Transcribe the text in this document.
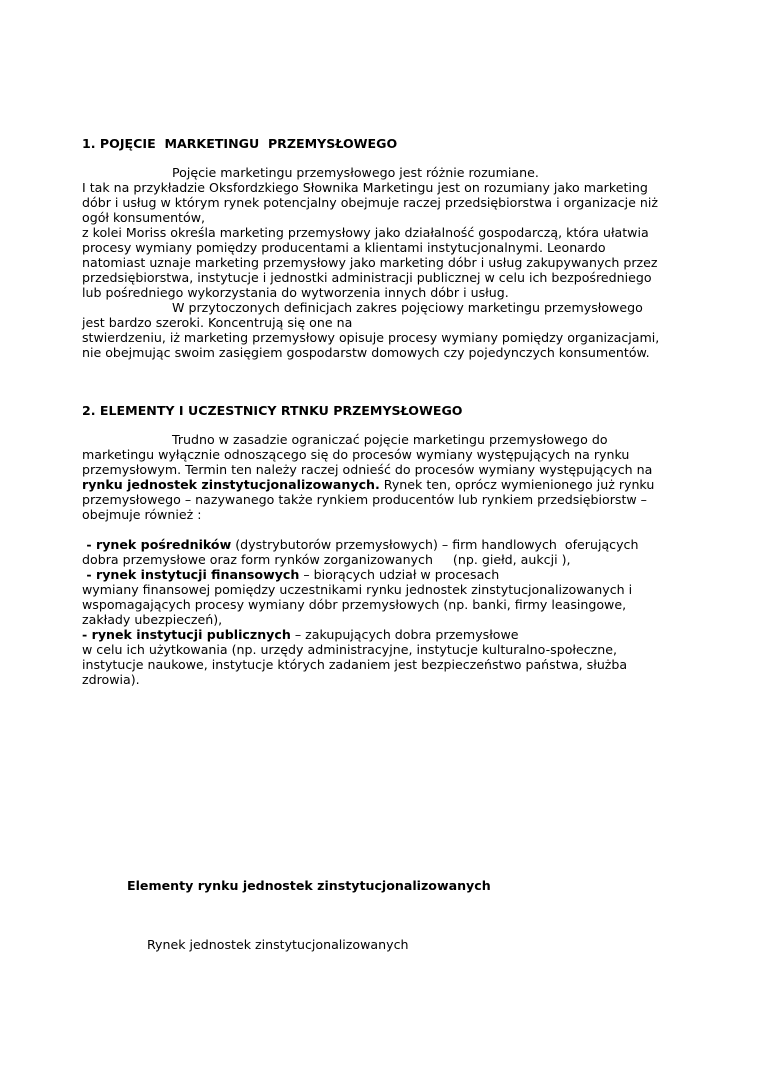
1. POJĘCIE  MARKETINGU  PRZEMYSŁOWEGO
Pojęcie marketingu przemysłowego jest różnie rozumiane.
I tak na przykładzie Oksfordzkiego Słownika Marketingu jest on rozumiany jako marketing
dóbr i usług w którym rynek potencjalny obejmuje raczej przedsiębiorstwa i organizacje niż
ogół konsumentów,
z kolei Moriss określa marketing przemysłowy jako działalność gospodarczą, która ułatwia
procesy wymiany pomiędzy producentami a klientami instytucjonalnymi. Leonardo
natomiast uznaje marketing przemysłowy jako marketing dóbr i usług zakupywanych przez
przedsiębiorstwa, instytucje i jednostki administracji publicznej w celu ich bezpośredniego
lub pośredniego wykorzystania do wytworzenia innych dóbr i usług.
W przytoczonych definicjach zakres pojęciowy marketingu przemysłowego
jest bardzo szeroki. Koncentrują się one na
stwierdzeniu, iż marketing przemysłowy opisuje procesy wymiany pomiędzy organizacjami,
nie obejmując swoim zasięgiem gospodarstw domowych czy pojedynczych konsumentów.
2. ELEMENTY I UCZESTNICY RTNKU PRZEMYSŁOWEGO
Trudno w zasadzie ograniczać pojęcie marketingu przemysłowego do
marketingu wyłącznie odnoszącego się do procesów wymiany występujących na rynku
przemysłowym. Termin ten należy raczej odnieść do procesów wymiany występujących na
rynku jednostek zinstytucjonalizowanych. Rynek ten, oprócz wymienionego już rynku
przemysłowego – nazywanego także rynkiem producentów lub rynkiem przedsiębiorstw –
obejmuje również :
- rynek pośredników (dystrybutorów przemysłowych) – firm handlowych  oferujących
dobra przemysłowe oraz form rynków zorganizowanych     (np. giełd, aukcji ),
- rynek instytucji finansowych – biorących udział w procesach
wymiany finansowej pomiędzy uczestnikami rynku jednostek zinstytucjonalizowanych i
wspomagających procesy wymiany dóbr przemysłowych (np. banki, firmy leasingowe,
zakłady ubezpieczeń),
- rynek instytucji publicznych – zakupujących dobra przemysłowe
w celu ich użytkowania (np. urzędy administracyjne, instytucje kulturalno-społeczne,
instytucje naukowe, instytucje których zadaniem jest bezpieczeństwo państwa, służba
zdrowia).
Elementy rynku jednostek zinstytucjonalizowanych
Rynek jednostek zinstytucjonalizowanych
